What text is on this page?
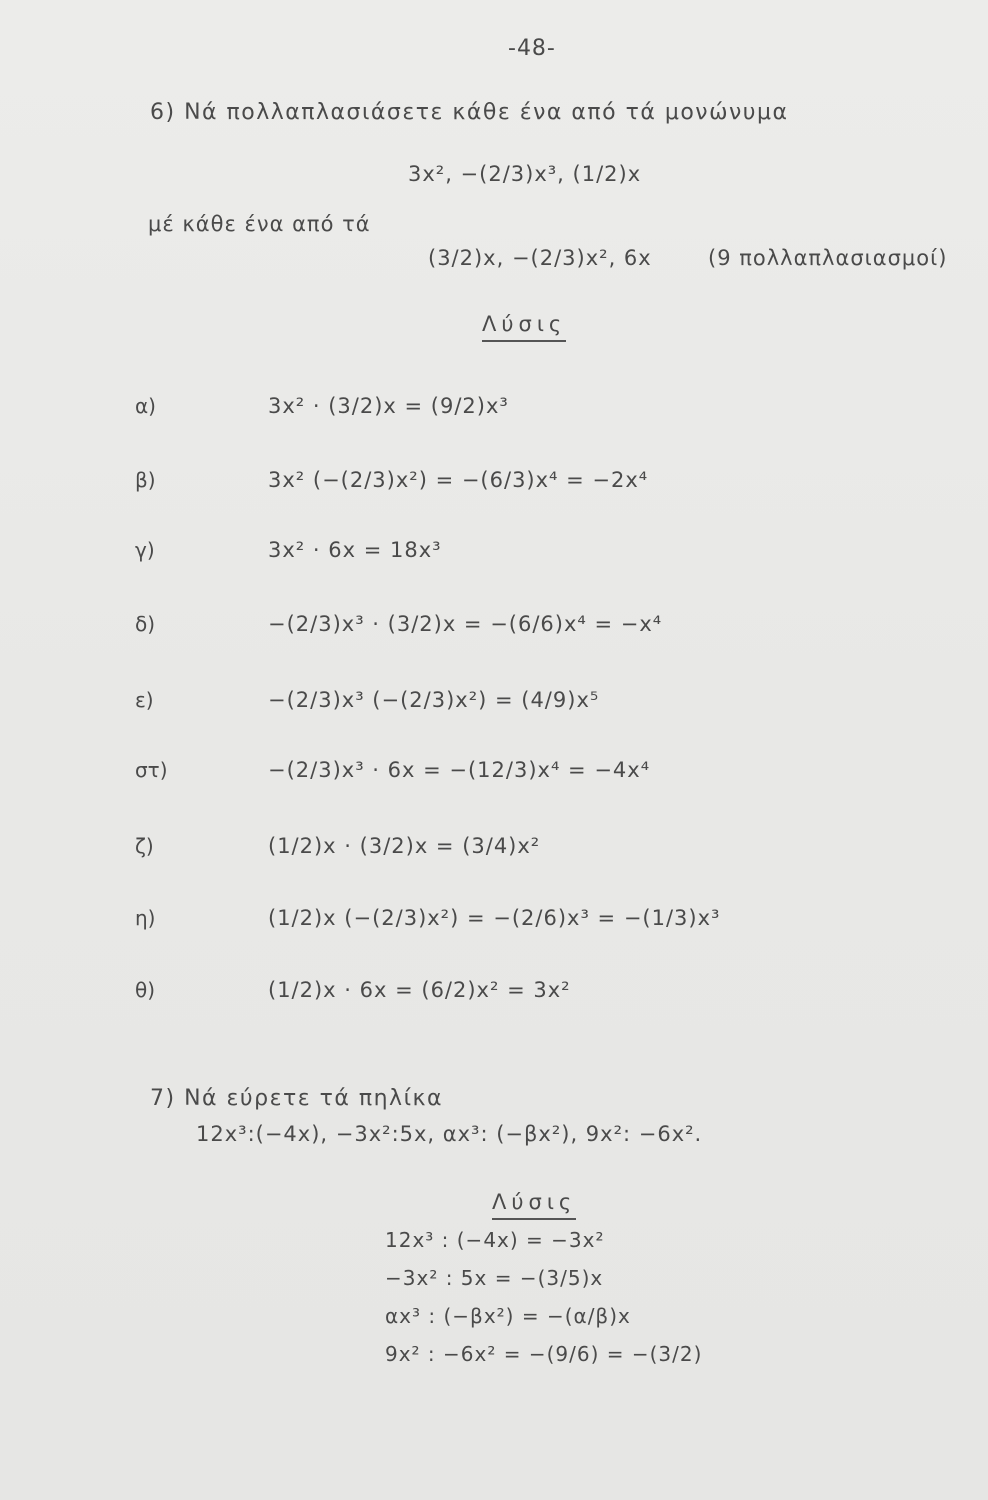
-48-
6) Νά πολλαπλασιάσετε κάθε ένα από τά μονώνυμα
3x², −(2/3)x³, (1/2)x
μέ κάθε ένα από τά
(3/2)x, −(2/3)x², 6x	(9 πολλαπλασιασμοί)
Λύσις
α)	3x² · (3/2)x = (9/2)x³
β)	3x² (−(2/3)x²) = −(6/3)x⁴ = −2x⁴
γ)	3x² · 6x = 18x³
δ)	−(2/3)x³ · (3/2)x = −(6/6)x⁴ = −x⁴
ε)	−(2/3)x³ (−(2/3)x²) = (4/9)x⁵
στ)	−(2/3)x³ · 6x = −(12/3)x⁴ = −4x⁴
ζ)	(1/2)x · (3/2)x = (3/4)x²
η)	(1/2)x (−(2/3)x²) = −(2/6)x³ = −(1/3)x³
θ)	(1/2)x · 6x = (6/2)x² = 3x²
7) Νά εύρετε τά πηλίκα
12x³:(−4x), −3x²:5x, αx³: (−βx²), 9x²: −6x².
Λύσις
12x³ : (−4x) = −3x²
−3x² : 5x = −(3/5)x
αx³ : (−βx²) = −(α/β)x
9x² : −6x² = −(9/6) = −(3/2)
